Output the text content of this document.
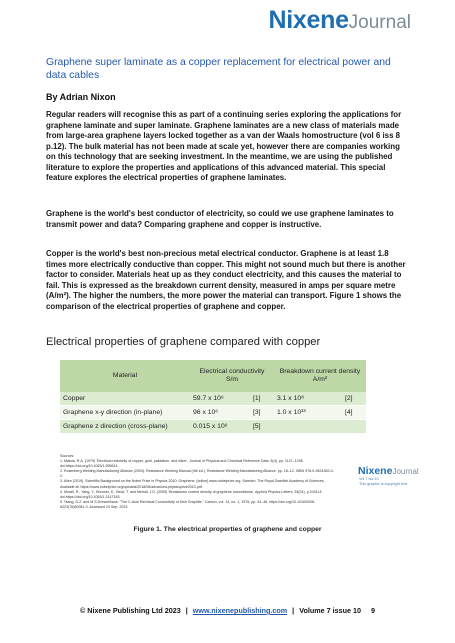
NixeneJournal
Graphene super laminate as a copper replacement for electrical power and data cables

By Adrian Nixon

Regular readers will recognise this as part of a continuing series exploring the applications for graphene laminate and super laminate. Graphene laminates are a new class of materials made from large-area graphene layers locked together as a van der Waals homostructure (vol 6 iss 8 p.12). The bulk material has not been made at scale yet, however there are companies working on this technology that are seeking investment. In the meantime, we are using the published literature to explore the properties and applications of this advanced material. This special feature explores the electrical properties of graphene laminates.

Graphene is the world's best conductor of electricity, so could we use graphene laminates to transmit power and data? Comparing graphene and copper is instructive.

Copper is the world's best non-precious metal electrical conductor. Graphene is at least 1.8 times more electrically conductive than copper. This might not sound much but there is another factor to consider. Materials heat up as they conduct electricity, and this causes the material to fail. This is expressed as the breakdown current density, measured in amps per square metre (A/m²). The higher the numbers, the more power the material can transport. Figure 1 shows the comparison of the electrical properties of graphene and copper.

Electrical properties of graphene compared with copper
Material	Electrical conductivity S/m		Breakdown current density A/m²	
Copper	59.7 x 10⁶	[1]	3.1 x 10⁸	[2]
Graphene x-y direction (in-plane)	96 x 10⁶	[3]	1.0 x 10¹³	[4]
Graphene z direction (cross-plane)	0.015 x 10⁶	[5]		

Sources:

1. Matula, R.A. (1979) 'Electrical resistivity of copper, gold, palladium, and silver', Journal of Physical and Chemical Reference Data, 8(4), pp. 1147–1298. doi:https://doi.org/10.1063/1.555614.

2. Rosenberg Welding Manufacturing Alliance (2003). Resistance Welding Manual (4th ed.). Resistance Welding Manufacturing Alliance. pp. 18–12. ISBN 978-0-9624382-0-2.

3. Allen (2019). Scientific Background on the Nobel Prize in Physics 2010: Graphene. [online] www.nobelprize.org. Sweden: The Royal Swedish Academy of Sciences. Available at: https://www.nobelprize.org/uploads/2018/06/advanced-physicsprize2010.pdf.

4. Murali, R., Yang, Y., Brenner, K., Beck, T. and Meindl, J.D. (2009) 'Breakdown current density of graphene nanoribbons', Applied Physics Letters, 94(24), p.243114. doi:https://doi.org/10.1063/1.3147183.

5. Tsang, D.Z. and M.S.Dresselhaus. "The C-Axis Electrical Conductivity of Kish Graphite." Carbon, vol. 14, no. 1, 1976, pp. 43–46, https://doi.org/10.1016/0008-6223(76)90081-3. Accessed 24 Sep. 2023.

NixeneJournal

Vol 7 Iss 10

This graphic is copyright free

Figure 1. The electrical properties of graphene and copper

© Nixene Publishing Ltd 2023 | www.nixenepublishing.com | Volume 7 issue 10 9
